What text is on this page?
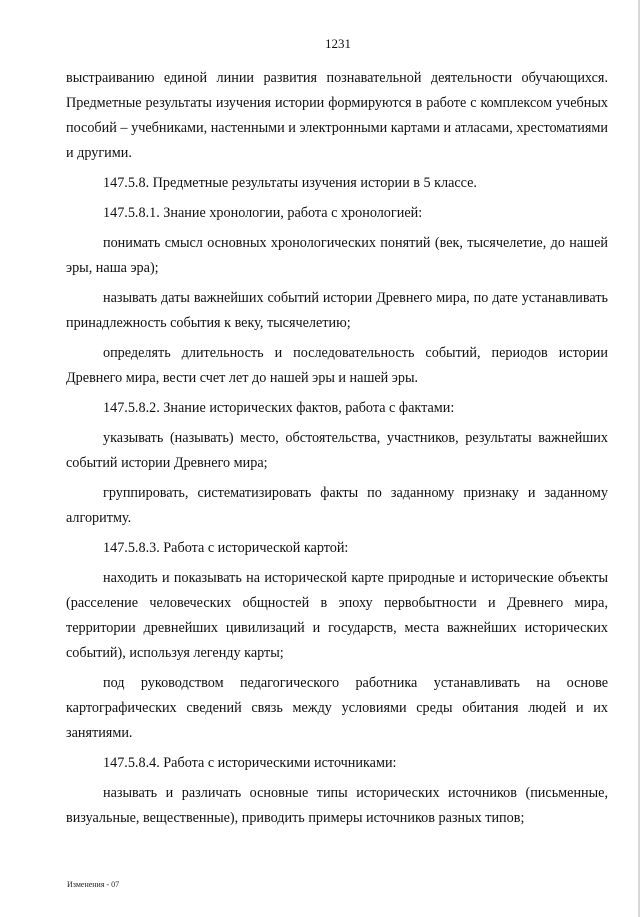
1231

выстраиванию единой линии развития познавательной деятельности обучающихся. Предметные результаты изучения истории формируются в работе с комплексом учебных пособий – учебниками, настенными и электронными картами и атласами, хрестоматиями и другими.

147.5.8. Предметные результаты изучения истории в 5 классе.

147.5.8.1. Знание хронологии, работа с хронологией:

понимать смысл основных хронологических понятий (век, тысячелетие, до нашей эры, наша эра);

называть даты важнейших событий истории Древнего мира, по дате устанавливать принадлежность события к веку, тысячелетию;

определять длительность и последовательность событий, периодов истории Древнего мира, вести счет лет до нашей эры и нашей эры.

147.5.8.2. Знание исторических фактов, работа с фактами:

указывать (называть) место, обстоятельства, участников, результаты важнейших событий истории Древнего мира;

группировать, систематизировать факты по заданному признаку и заданному алгоритму.

147.5.8.3. Работа с исторической картой:

находить и показывать на исторической карте природные и исторические объекты (расселение человеческих общностей в эпоху первобытности и Древнего мира, территории древнейших цивилизаций и государств, места важнейших исторических событий), используя легенду карты;

под руководством педагогического работника устанавливать на основе картографических сведений связь между условиями среды обитания людей и их занятиями.

147.5.8.4. Работа с историческими источниками:

называть и различать основные типы исторических источников (письменные, визуальные, вещественные), приводить примеры источников разных типов;

Изменения - 07
